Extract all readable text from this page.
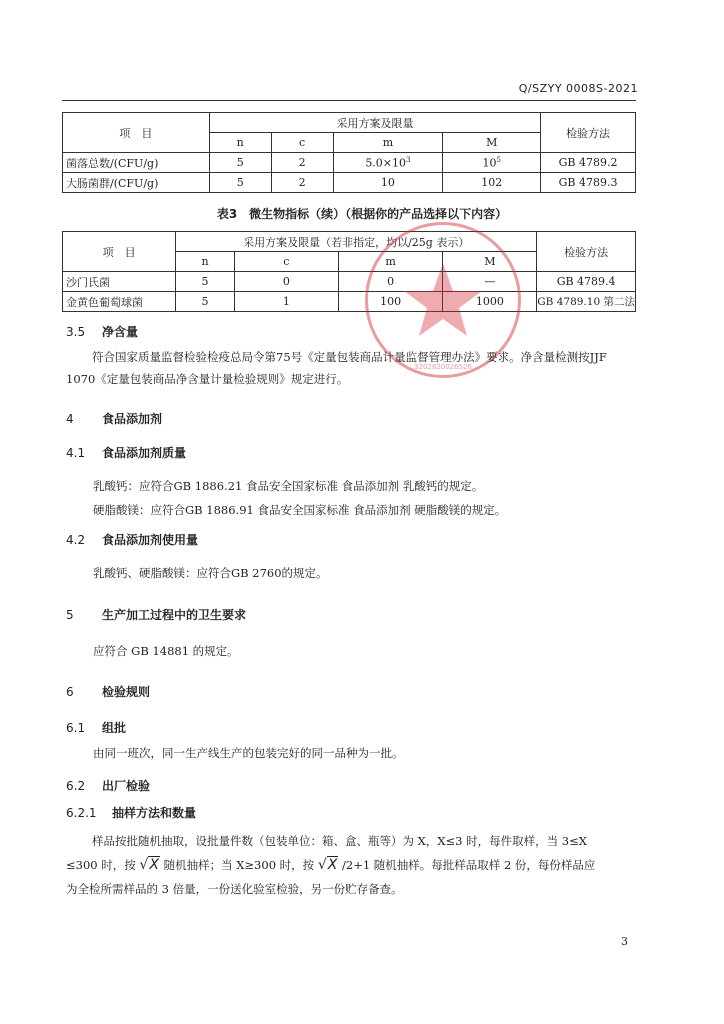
Q/SZYY 0008S-2021
项　目	采用方案及限量				检验方法
	n	c	m	M	
菌落总数/(CFU/g)	5	2	$5.0\times 10^3$	$10^5$	GB 4789.2
大肠菌群/(CFU/g)	5	2	10	102	GB 4789.3
表3　微生物指标（续）（根据你的产品选择以下内容）
项　目	采用方案及限量（若非指定，均以/25g 表示）				检验方法
	n	c	m	M	
沙门氏菌	5	0	0	—	GB 4789.4
金黄色葡萄球菌	5	1	100	1000	GB 4789.10 第二法
3202820026526
3.5 净含量
符合国家质量监督检验检疫总局令第75号《定量包装商品计量监督管理办法》要求。净含量检测按JJF 1070《定量包装商品净含量计量检验规则》规定进行。
4 食品添加剂
4.1 食品添加剂质量
乳酸钙：应符合GB 1886.21 食品安全国家标准 食品添加剂 乳酸钙的规定。
硬脂酸镁：应符合GB 1886.91 食品安全国家标准 食品添加剂 硬脂酸镁的规定。
4.2 食品添加剂使用量
乳酸钙、硬脂酸镁：应符合GB 2760的规定。
5 生产加工过程中的卫生要求
应符合 GB 14881 的规定。
6 检验规则
6.1 组批
由同一班次，同一生产线生产的包装完好的同一品种为一批。
6.2 出厂检验
6.2.1 抽样方法和数量
样品按批随机抽取，设批量件数（包装单位：箱、盒、瓶等）为 X，X≤3 时，每件取样，当 3≤X
≤300 时，按 √X 随机抽样；当 X≥300 时，按 √X /2+1 随机抽样。每批样品取样 2 份，每份样品应
为全检所需样品的 3 倍量，一份送化验室检验，另一份贮存备查。
3
